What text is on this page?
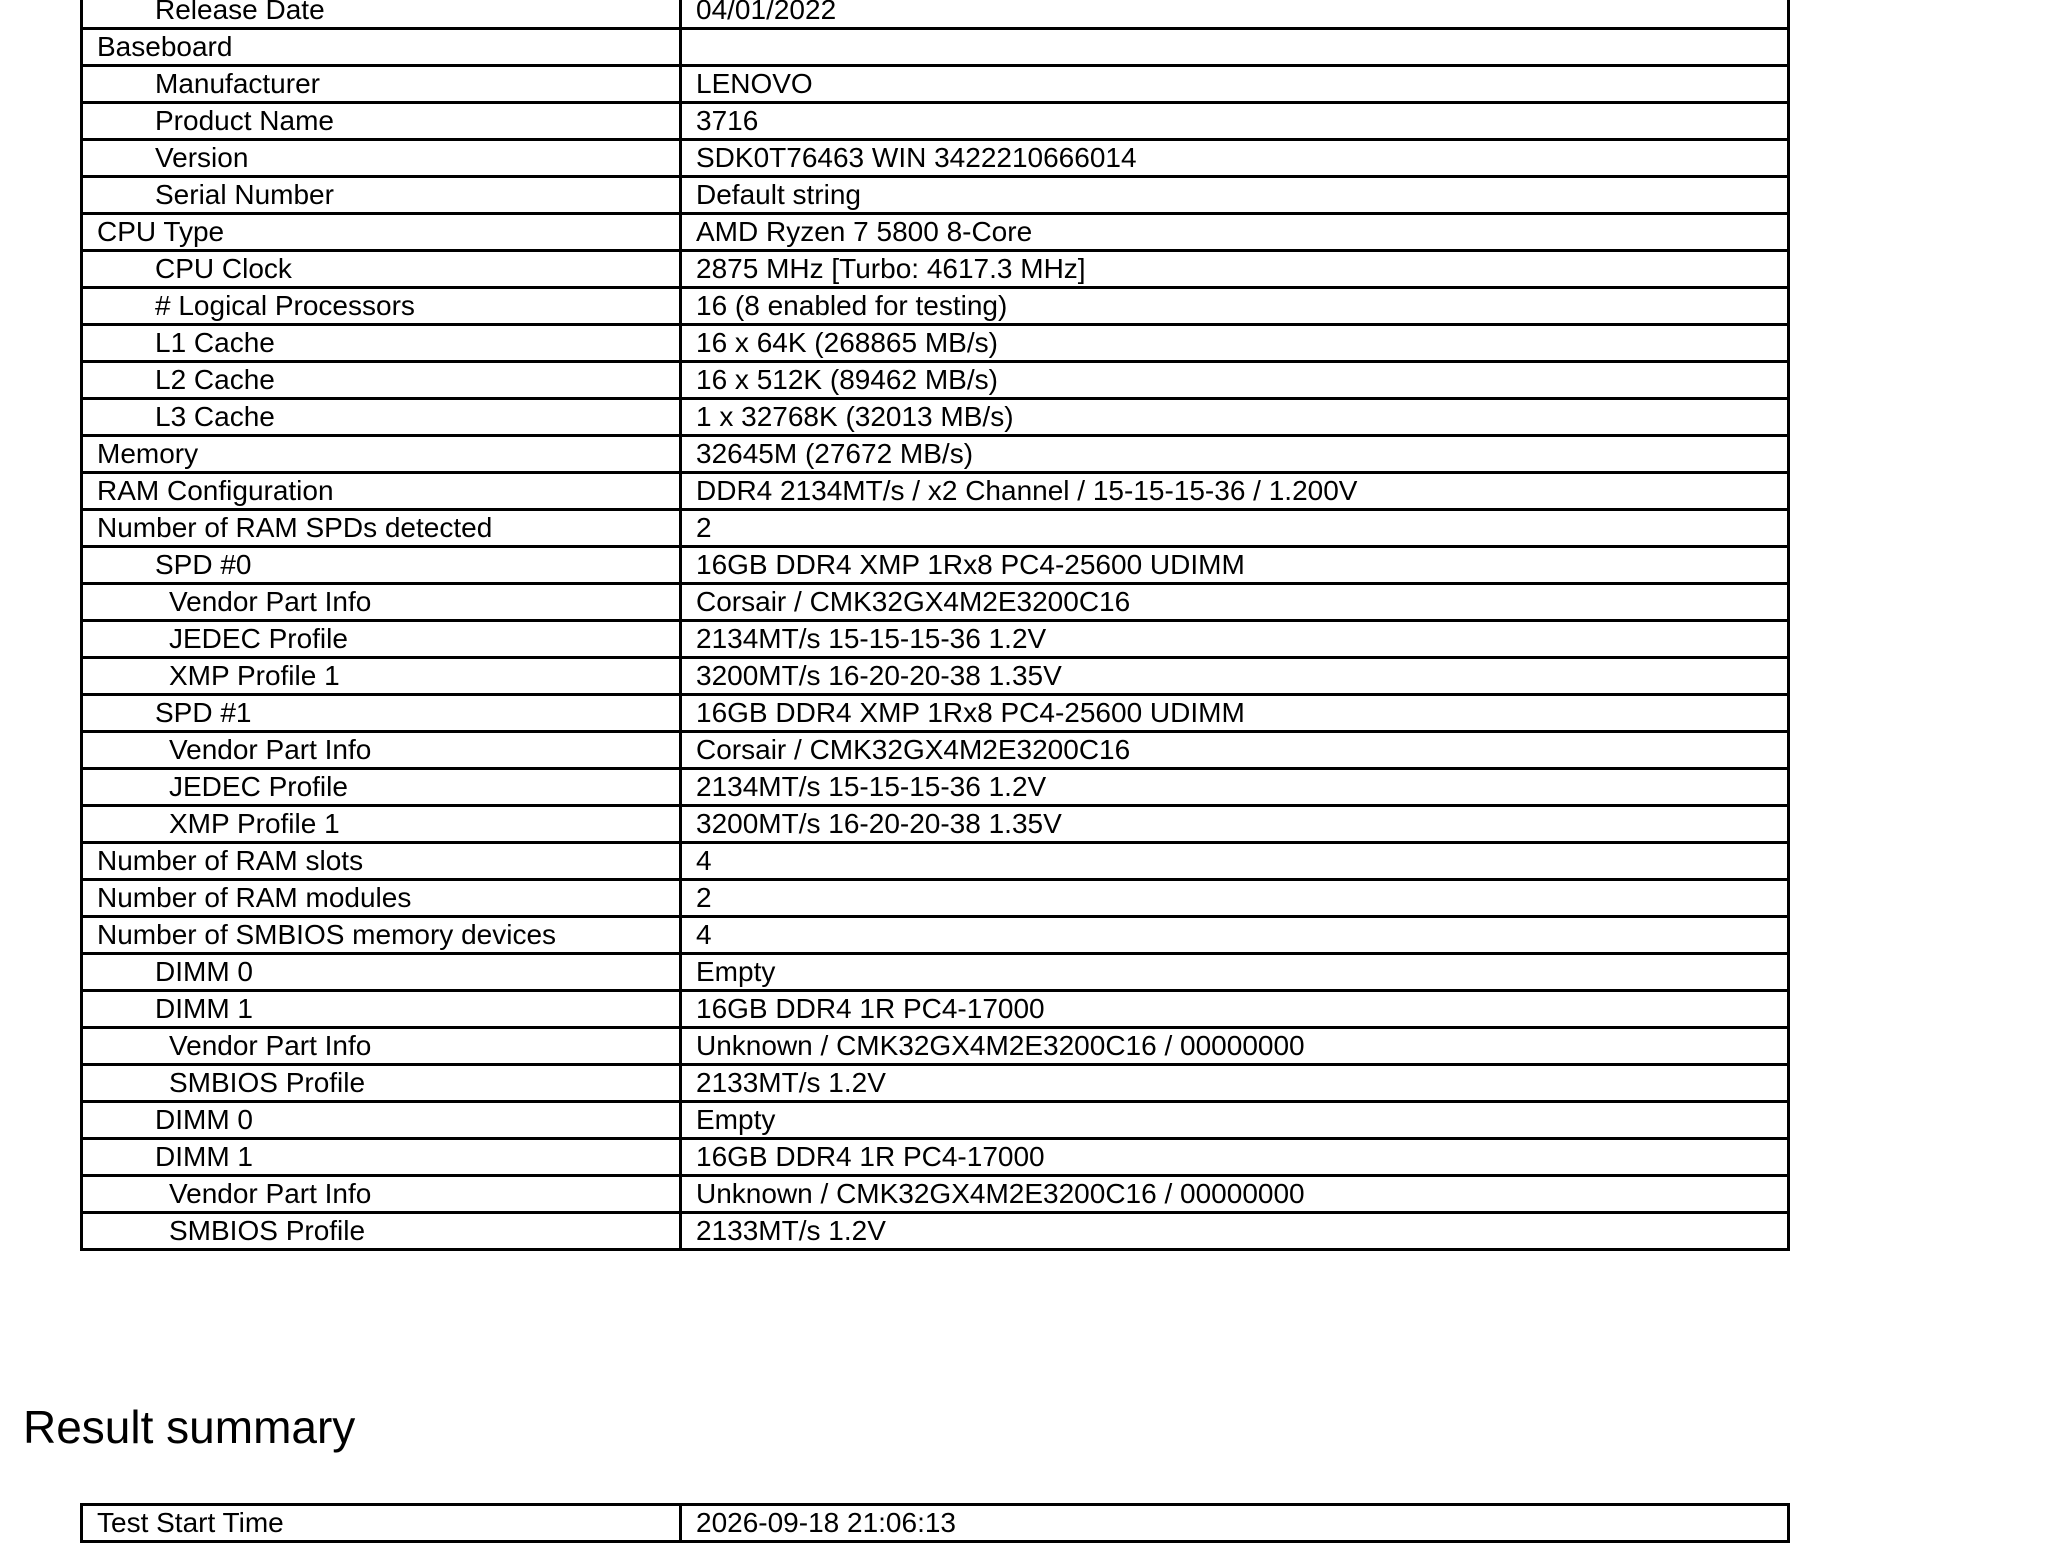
Release Date	04/01/2022
Baseboard	
Manufacturer	LENOVO
Product Name	3716
Version	SDK0T76463 WIN 3422210666014
Serial Number	Default string
CPU Type	AMD Ryzen 7 5800 8-Core
CPU Clock	2875 MHz [Turbo: 4617.3 MHz]
# Logical Processors	16 (8 enabled for testing)
L1 Cache	16 x 64K (268865 MB/s)
L2 Cache	16 x 512K (89462 MB/s)
L3 Cache	1 x 32768K (32013 MB/s)
Memory	32645M (27672 MB/s)
RAM Configuration	DDR4 2134MT/s / x2 Channel / 15-15-15-36 / 1.200V
Number of RAM SPDs detected	2
SPD #0	16GB DDR4 XMP 1Rx8 PC4-25600 UDIMM
Vendor Part Info	Corsair / CMK32GX4M2E3200C16
JEDEC Profile	2134MT/s 15-15-15-36 1.2V
XMP Profile 1	3200MT/s 16-20-20-38 1.35V
SPD #1	16GB DDR4 XMP 1Rx8 PC4-25600 UDIMM
Vendor Part Info	Corsair / CMK32GX4M2E3200C16
JEDEC Profile	2134MT/s 15-15-15-36 1.2V
XMP Profile 1	3200MT/s 16-20-20-38 1.35V
Number of RAM slots	4
Number of RAM modules	2
Number of SMBIOS memory devices	4
DIMM 0	Empty
DIMM 1	16GB DDR4 1R PC4-17000
Vendor Part Info	Unknown / CMK32GX4M2E3200C16 / 00000000
SMBIOS Profile	2133MT/s 1.2V
DIMM 0	Empty
DIMM 1	16GB DDR4 1R PC4-17000
Vendor Part Info	Unknown / CMK32GX4M2E3200C16 / 00000000
SMBIOS Profile	2133MT/s 1.2V
Result summary
Test Start Time	2026-09-18 21:06:13
